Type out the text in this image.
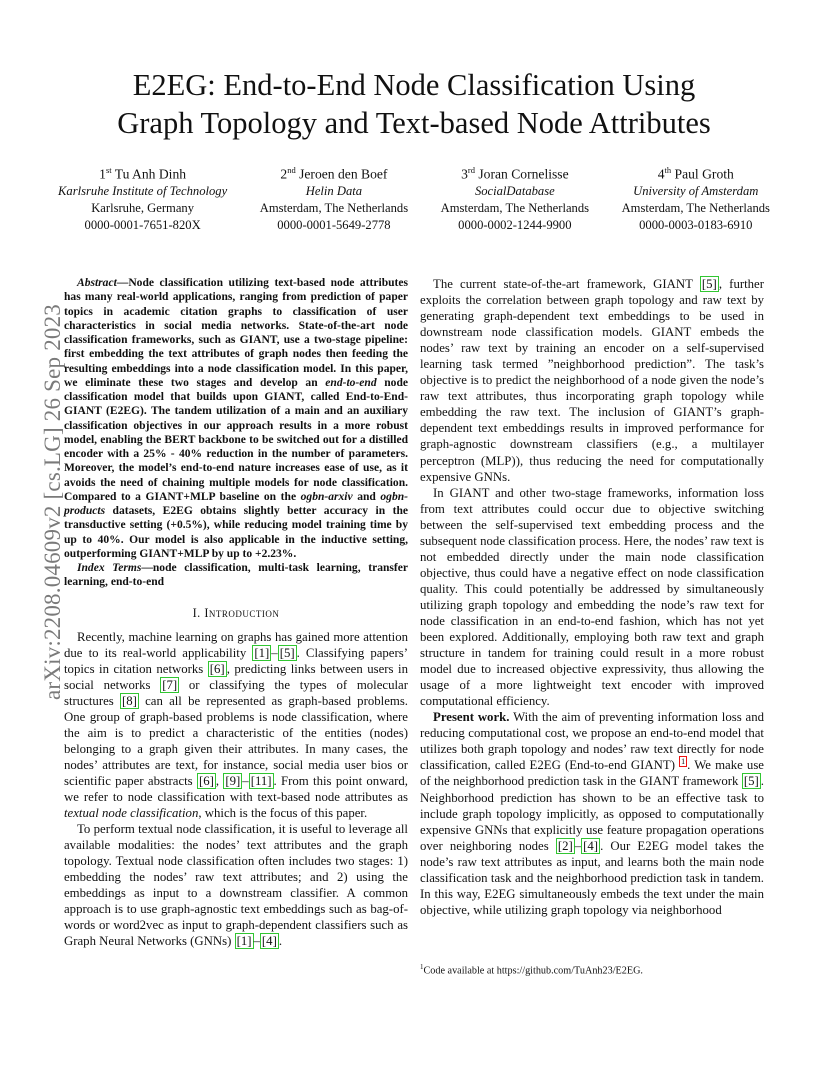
arXiv:2208.04609v2 [cs.LG] 26 Sep 2023
E2EG: End-to-End Node Classification Using
Graph Topology and Text-based Node Attributes
1st Tu Anh Dinh
Karlsruhe Institute of Technology
Karlsruhe, Germany
0000-0001-7651-820X
2nd Jeroen den Boef
Helin Data
Amsterdam, The Netherlands
0000-0001-5649-2778
3rd Joran Cornelisse
SocialDatabase
Amsterdam, The Netherlands
0000-0002-1244-9900
4th Paul Groth
University of Amsterdam
Amsterdam, The Netherlands
0000-0003-0183-6910

Abstract—Node classification utilizing text-based node attributes has many real-world applications, ranging from prediction of paper topics in academic citation graphs to classification of user characteristics in social media networks. State-of-the-art node classification frameworks, such as GIANT, use a two-stage pipeline: first embedding the text attributes of graph nodes then feeding the resulting embeddings into a node classification model. In this paper, we eliminate these two stages and develop an end-to-end node classification model that builds upon GIANT, called End-to-End-GIANT (E2EG). The tandem utilization of a main and an auxiliary classification objectives in our approach results in a more robust model, enabling the BERT backbone to be switched out for a distilled encoder with a 25% - 40% reduction in the number of parameters. Moreover, the model’s end-to-end nature increases ease of use, as it avoids the need of chaining multiple models for node classification. Compared to a GIANT+MLP baseline on the ogbn-arxiv and ogbn-products datasets, E2EG obtains slightly better accuracy in the transductive setting (+0.5%), while reducing model training time by up to 40%. Our model is also applicable in the inductive setting, outperforming GIANT+MLP by up to +2.23%.

Index Terms—node classification, multi-task learning, transfer learning, end-to-end

I. Introduction

Recently, machine learning on graphs has gained more attention due to its real-world applicability [1] – [5] . Classifying papers’ topics in citation networks [6] , predicting links between users in social networks [7] or classifying the types of molecular structures [8] can all be represented as graph-based problems. One group of graph-based problems is node classification, where the aim is to predict a characteristic of the entities (nodes) belonging to a graph given their attributes. In many cases, the nodes’ attributes are text, for instance, social media user bios or scientific paper abstracts [6] , [9] – [11] . From this point onward, we refer to node classification with text-based node attributes as textual node classification, which is the focus of this paper.

To perform textual node classification, it is useful to leverage all available modalities: the nodes’ text attributes and the graph topology. Textual node classification often includes two stages: 1) embedding the nodes’ raw text attributes; and 2) using the embeddings as input to a downstream classifier. A common approach is to use graph-agnostic text embeddings such as bag-of-words or word2vec as input to graph-dependent classifiers such as Graph Neural Networks (GNNs) [1] – [4] .

The current state-of-the-art framework, GIANT [5] , further exploits the correlation between graph topology and raw text by generating graph-dependent text embeddings to be used in downstream node classification models. GIANT embeds the nodes’ raw text by training an encoder on a self-supervised learning task termed ”neighborhood prediction”. The task’s objective is to predict the neighborhood of a node given the node’s raw text attributes, thus incorporating graph topology while embedding the raw text. The inclusion of GIANT’s graph-dependent text embeddings results in improved performance for graph-agnostic downstream classifiers (e.g., a multilayer perceptron (MLP)), thus reducing the need for computationally expensive GNNs.

In GIANT and other two-stage frameworks, information loss from text attributes could occur due to objective switching between the self-supervised text embedding process and the subsequent node classification process. Here, the nodes’ raw text is not embedded directly under the main node classification objective, thus could have a negative effect on node classification quality. This could potentially be addressed by simultaneously utilizing graph topology and embedding the node’s raw text for node classification in an end-to-end fashion, which has not yet been explored. Additionally, employing both raw text and graph structure in tandem for training could result in a more robust model due to increased objective expressivity, thus allowing the usage of a more lightweight text encoder with improved computational efficiency.

Present work. With the aim of preventing information loss and reducing computational cost, we propose an end-to-end model that utilizes both graph topology and nodes’ raw text directly for node classification, called E2EG (End-to-end GIANT) $^1$ . We make use of the neighborhood prediction task in the GIANT framework [5] . Neighborhood prediction has shown to be an effective task to include graph topology implicitly, as opposed to computationally expensive GNNs that explicitly use feature propagation operations over neighboring nodes [2] – [4] . Our E2EG model takes the node’s raw text attributes as input, and learns both the main node classification task and the neighborhood prediction task in tandem. In this way, E2EG simultaneously embeds the text under the main objective, while utilizing graph topology via neighborhood

$^1$Code available at https://github.com/TuAnh23/E2EG.
